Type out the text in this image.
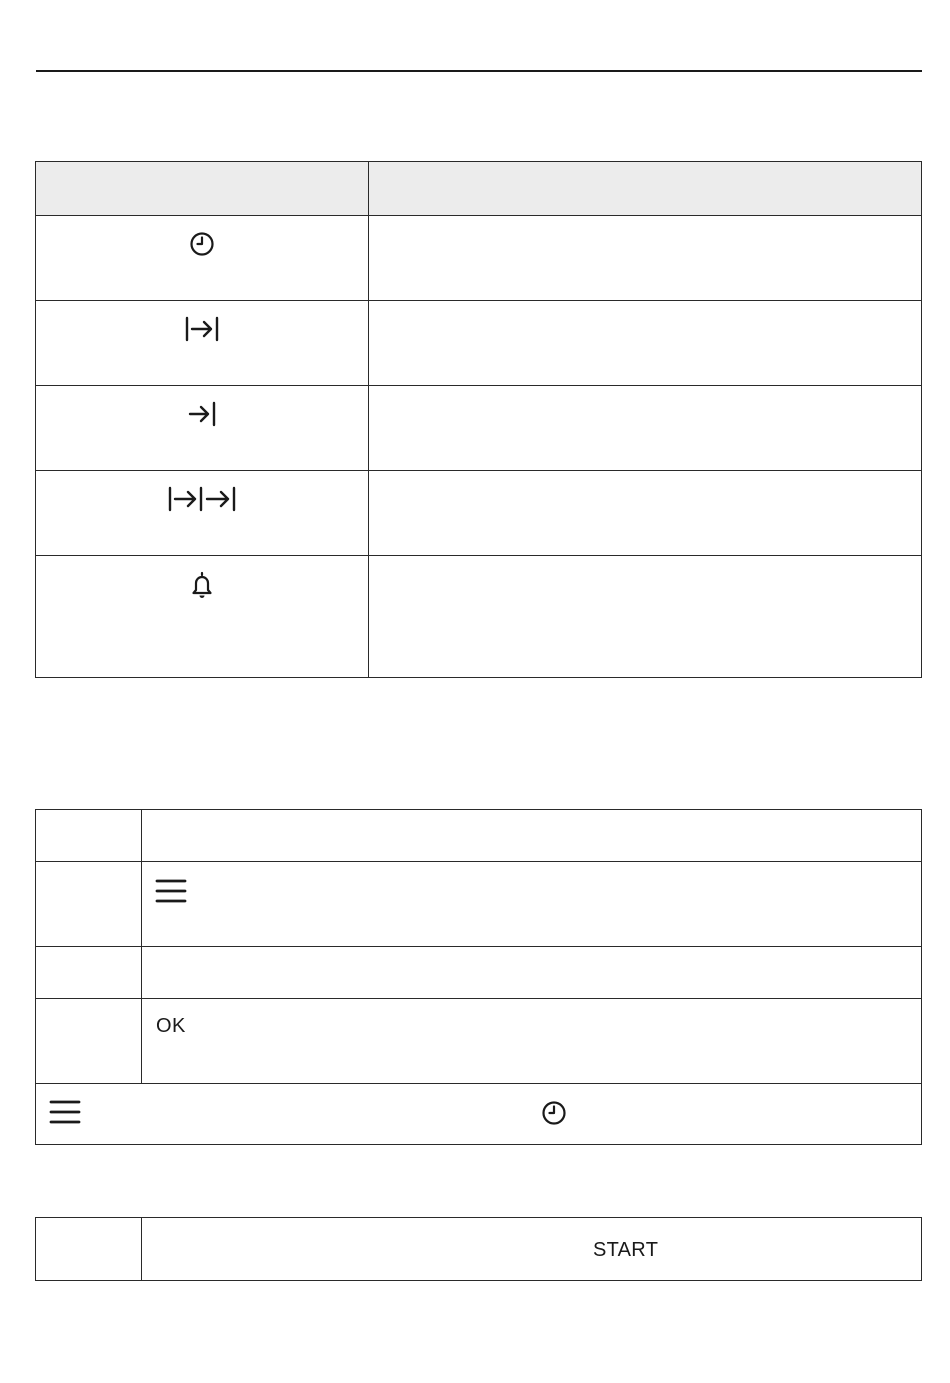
	OK

START
